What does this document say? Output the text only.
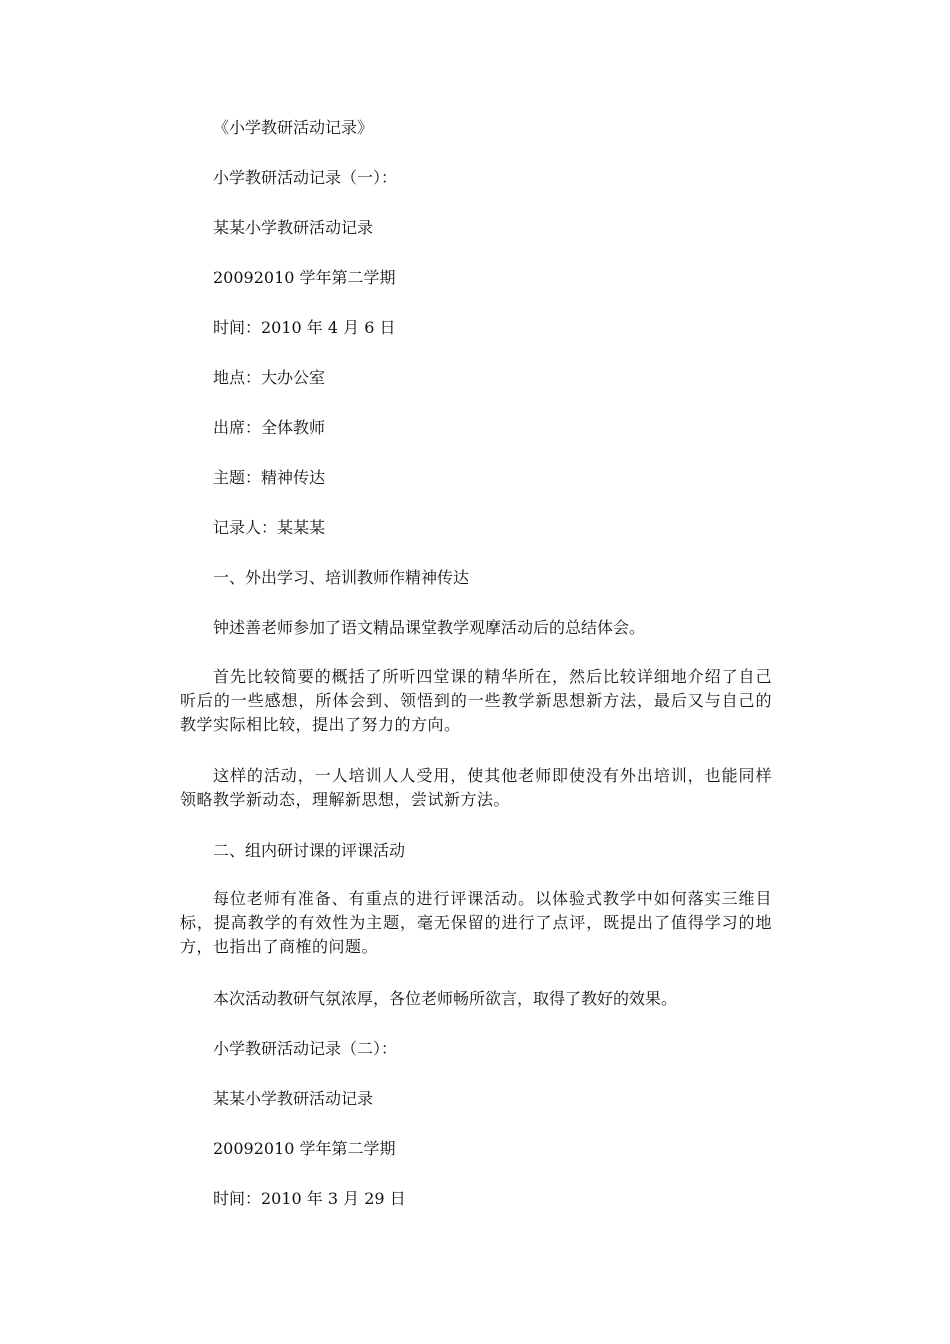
《小学教研活动记录》
小学教研活动记录（一）：
某某小学教研活动记录
20092010 学年第二学期
时间：2010 年 4 月 6 日
地点：大办公室
出席：全体教师
主题：精神传达
记录人：某某某
一、外出学习、培训教师作精神传达
钟述善老师参加了语文精品课堂教学观摩活动后的总结体会。
首先比较简要的概括了所听四堂课的精华所在，然后比较详细地介绍了自己听后的一些感想，所体会到、领悟到的一些教学新思想新方法，最后又与自己的教学实际相比较，提出了努力的方向。
这样的活动，一人培训人人受用，使其他老师即使没有外出培训，也能同样领略教学新动态，理解新思想，尝试新方法。
二、组内研讨课的评课活动
每位老师有准备、有重点的进行评课活动。以体验式教学中如何落实三维目标，提高教学的有效性为主题，毫无保留的进行了点评，既提出了值得学习的地方，也指出了商榷的问题。
本次活动教研气氛浓厚，各位老师畅所欲言，取得了教好的效果。
小学教研活动记录（二）：
某某小学教研活动记录
20092010 学年第二学期
时间：2010 年 3 月 29 日
